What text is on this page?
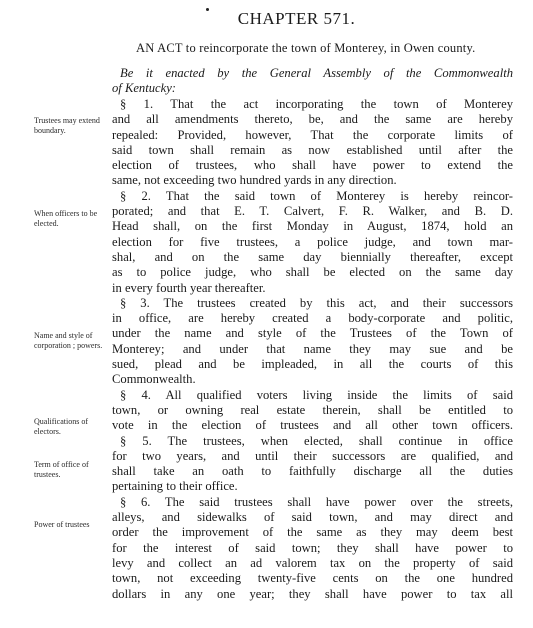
CHAPTER 571.
AN ACT to reincorporate the town of Monterey, in Owen county.
Be it enacted by the General Assembly of the Commonwealth
of Kentucky:
Trustees may extend boundary.
When officers to be elected.
Name and style of corporation ; powers.
Qualifications of electors.
Term of office of trustees.
Power of trustees
§ 1. That the act incorporating the town of Monterey
and all amendments thereto, be, and the same are hereby
repealed: Provided, however, That the corporate limits of
said town shall remain as now established until after the
election of trustees, who shall have power to extend the
same, not exceeding two hundred yards in any direction.
§ 2. That the said town of Monterey is hereby reincor-
porated; and that E. T. Calvert, F. R. Walker, and B. D.
Head shall, on the first Monday in August, 1874, hold an
election for five trustees, a police judge, and town mar-
shal, and on the same day biennially thereafter, except
as to police judge, who shall be elected on the same day
in every fourth year thereafter.
§ 3. The trustees created by this act, and their successors
in office, are hereby created a body-corporate and politic,
under the name and style of the Trustees of the Town of
Monterey; and under that name they may sue and be
sued, plead and be impleaded, in all the courts of this
Commonwealth.
§ 4. All qualified voters living inside the limits of said
town, or owning real estate therein, shall be entitled to
vote in the election of trustees and all other town officers.
§ 5. The trustees, when elected, shall continue in office
for two years, and until their successors are qualified, and
shall take an oath to faithfully discharge all the duties
pertaining to their office.
§ 6. The said trustees shall have power over the streets,
alleys, and sidewalks of said town, and may direct and
order the improvement of the same as they may deem best
for the interest of said town; they shall have power to
levy and collect an ad valorem tax on the property of said
town, not exceeding twenty-five cents on the one hundred
dollars in any one year; they shall have power to tax all
